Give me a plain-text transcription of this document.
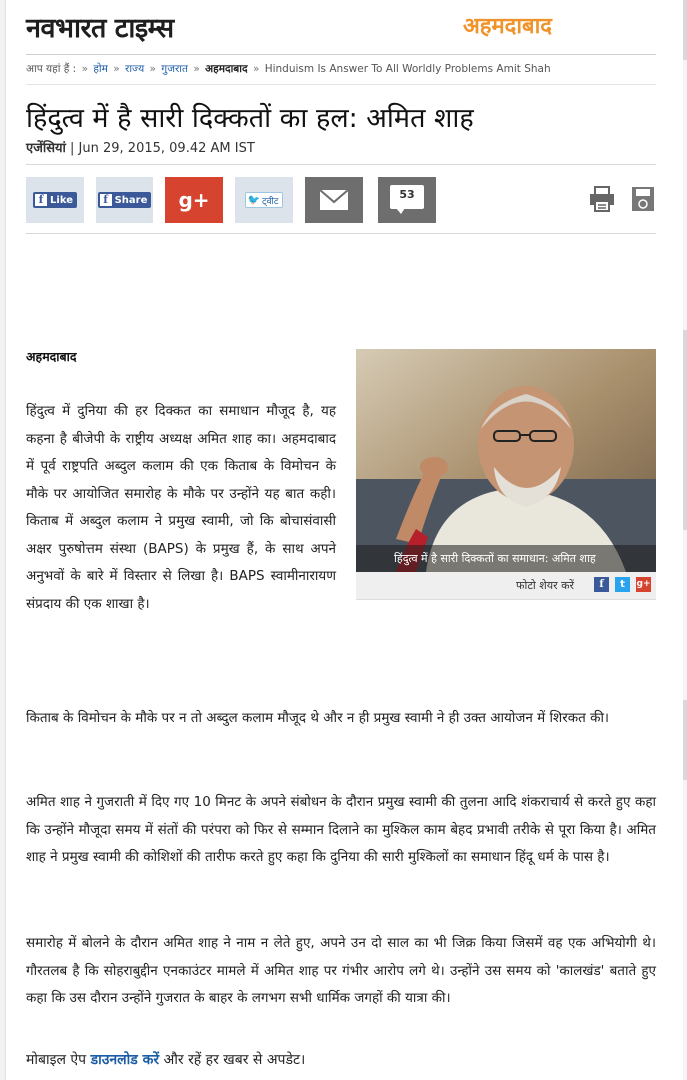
नवभारत टाइम्स	अहमदाबाद
आप यहां हैं : » होम » राज्य » गुजरात » अहमदाबाद » Hinduism Is Answer To All Worldly Problems Amit Shah
हिंदुत्व में है सारी दिक्कतों का हल: अमित शाह
एजेंसियां | Jun 29, 2015, 09.42 AM IST
f Like	f Share g+	🐦 ट्वीट
53
अहमदाबाद

हिंदुत्व में दुनिया की हर दिक्कत का समाधान मौजूद है, यह कहना है बीजेपी के राष्ट्रीय अध्यक्ष अमित शाह का। अहमदाबाद में पूर्व राष्ट्रपति अब्दुल कलाम की एक किताब के विमोचन के मौके पर आयोजित समारोह के मौके पर उन्होंने यह बात कही। किताब में अब्दुल कलाम ने प्रमुख स्वामी, जो कि बोचासंवासी अक्षर पुरुषोत्तम संस्था (BAPS) के प्रमुख हैं, के साथ अपने अनुभवों के बारे में विस्तार से लिखा है। BAPS स्वामीनारायण संप्रदाय की एक शाखा है।

हिंदुत्व में है सारी दिक्कतों का समाधान: अमित शाह
फोटो शेयर करें	f	t	g+

किताब के विमोचन के मौके पर न तो अब्दुल कलाम मौजूद थे और न ही प्रमुख स्वामी ने ही उक्त आयोजन में शिरकत की।

अमित शाह ने गुजराती में दिए गए 10 मिनट के अपने संबोधन के दौरान प्रमुख स्वामी की तुलना आदि शंकराचार्य से करते हुए कहा कि उन्होंने मौजूदा समय में संतों की परंपरा को फिर से सम्मान दिलाने का मुश्किल काम बेहद प्रभावी तरीके से पूरा किया है। अमित शाह ने प्रमुख स्वामी की कोशिशों की तारीफ करते हुए कहा कि दुनिया की सारी मुश्किलों का समाधान हिंदू धर्म के पास है।

समारोह में बोलने के दौरान अमित शाह ने नाम न लेते हुए, अपने उन दो साल का भी जिक्र किया जिसमें वह एक अभियोगी थे। गौरतलब है कि सोहराबुद्दीन एनकाउंटर मामले में अमित शाह पर गंभीर आरोप लगे थे। उन्होंने उस समय को 'कालखंड' बताते हुए कहा कि उस दौरान उन्होंने गुजरात के बाहर के लगभग सभी धार्मिक जगहों की यात्रा की।

मोबाइल ऐप डाउनलोड करें और रहें हर खबर से अपडेट।
